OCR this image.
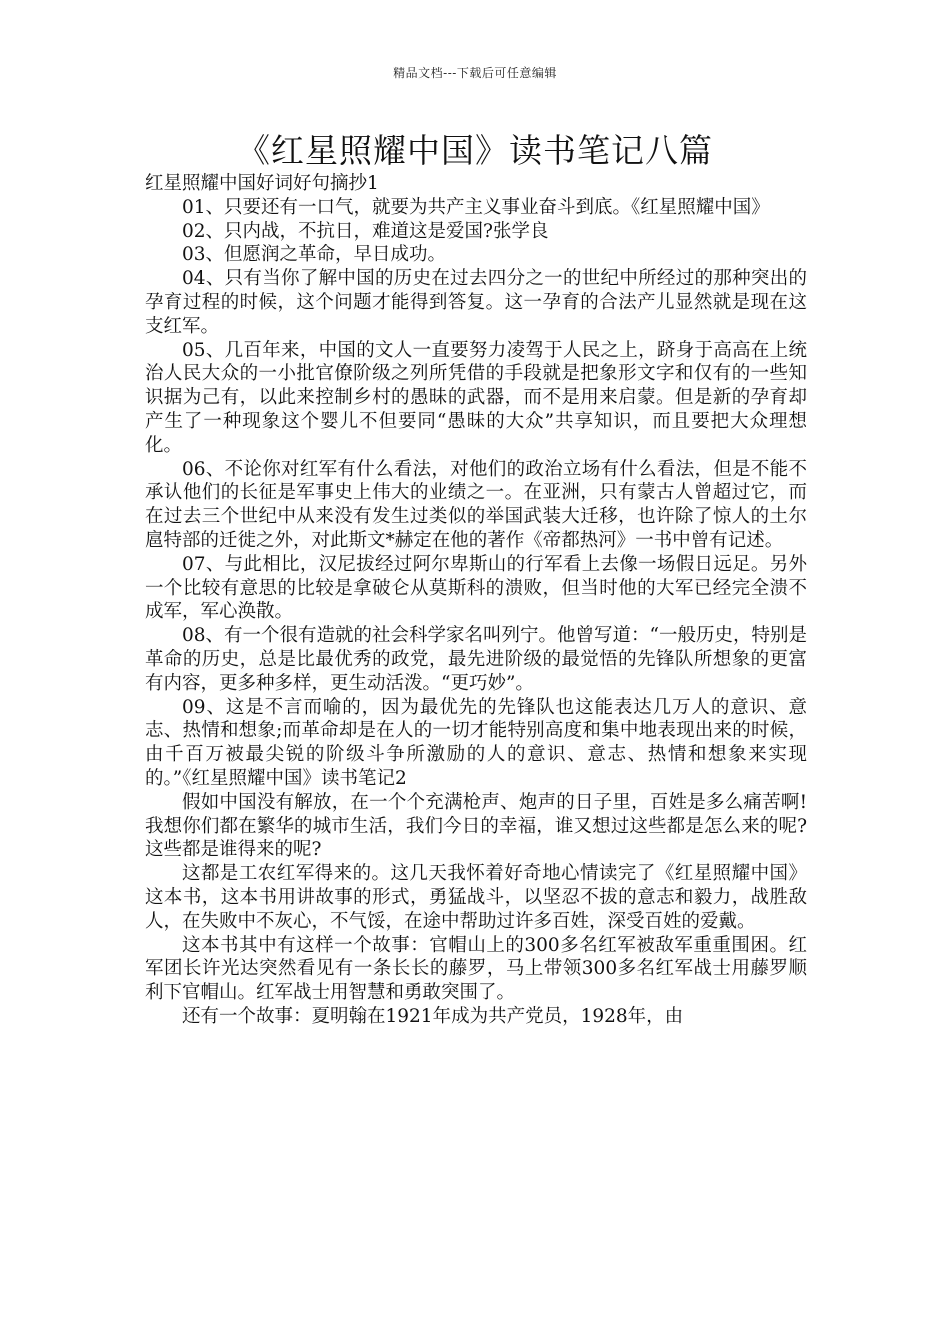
精品文档---下载后可任意编辑
《红星照耀中国》读书笔记八篇

红星照耀中国好词好句摘抄1

01、只要还有一口气，就要为共产主义事业奋斗到底。《红星照耀中国》

02、只内战，不抗日，难道这是爱国?张学良

03、但愿润之革命，早日成功。

04、只有当你了解中国的历史在过去四分之一的世纪中所经过的那种突出的孕育过程的时候，这个问题才能得到答复。这一孕育的合法产儿显然就是现在这支红军。

05、几百年来，中国的文人一直要努力凌驾于人民之上，跻身于高高在上统治人民大众的一小批官僚阶级之列所凭借的手段就是把象形文字和仅有的一些知识据为己有，以此来控制乡村的愚昧的武器，而不是用来启蒙。但是新的孕育却产生了一种现象这个婴儿不但要同“愚昧的大众”共享知识，而且要把大众理想化。

06、不论你对红军有什么看法，对他们的政治立场有什么看法，但是不能不承认他们的长征是军事史上伟大的业绩之一。在亚洲，只有蒙古人曾超过它，而在过去三个世纪中从来没有发生过类似的举国武装大迁移，也许除了惊人的土尔扈特部的迁徙之外，对此斯文*赫定在他的著作《帝都热河》一书中曾有记述。

07、与此相比，汉尼拔经过阿尔卑斯山的行军看上去像一场假日远足。另外一个比较有意思的比较是拿破仑从莫斯科的溃败，但当时他的大军已经完全溃不成军，军心涣散。

08、有一个很有造就的社会科学家名叫列宁。他曾写道：“一般历史，特别是革命的历史，总是比最优秀的政党，最先进阶级的最觉悟的先锋队所想象的更富有内容，更多种多样，更生动活泼。“更巧妙”。

09、这是不言而喻的，因为最优先的先锋队也这能表达几万人的意识、意志、热情和想象;而革命却是在人的一切才能特别高度和集中地表现出来的时候，由千百万被最尖锐的阶级斗争所激励的人的意识、意志、热情和想象来实现的。”《红星照耀中国》读书笔记2

假如中国没有解放，在一个个充满枪声、炮声的日子里，百姓是多么痛苦啊!我想你们都在繁华的城市生活，我们今日的幸福，谁又想过这些都是怎么来的呢?这些都是谁得来的呢?

这都是工农红军得来的。这几天我怀着好奇地心情读完了《红星照耀中国》这本书，这本书用讲故事的形式，勇猛战斗，以坚忍不拔的意志和毅力，战胜敌人，在失败中不灰心，不气馁，在途中帮助过许多百姓，深受百姓的爱戴。

这本书其中有这样一个故事：官帽山上的300多名红军被敌军重重围困。红军团长许光达突然看见有一条长长的藤罗，马上带领300多名红军战士用藤罗顺利下官帽山。红军战士用智慧和勇敢突围了。

还有一个故事：夏明翰在1921年成为共产党员，1928年，由
